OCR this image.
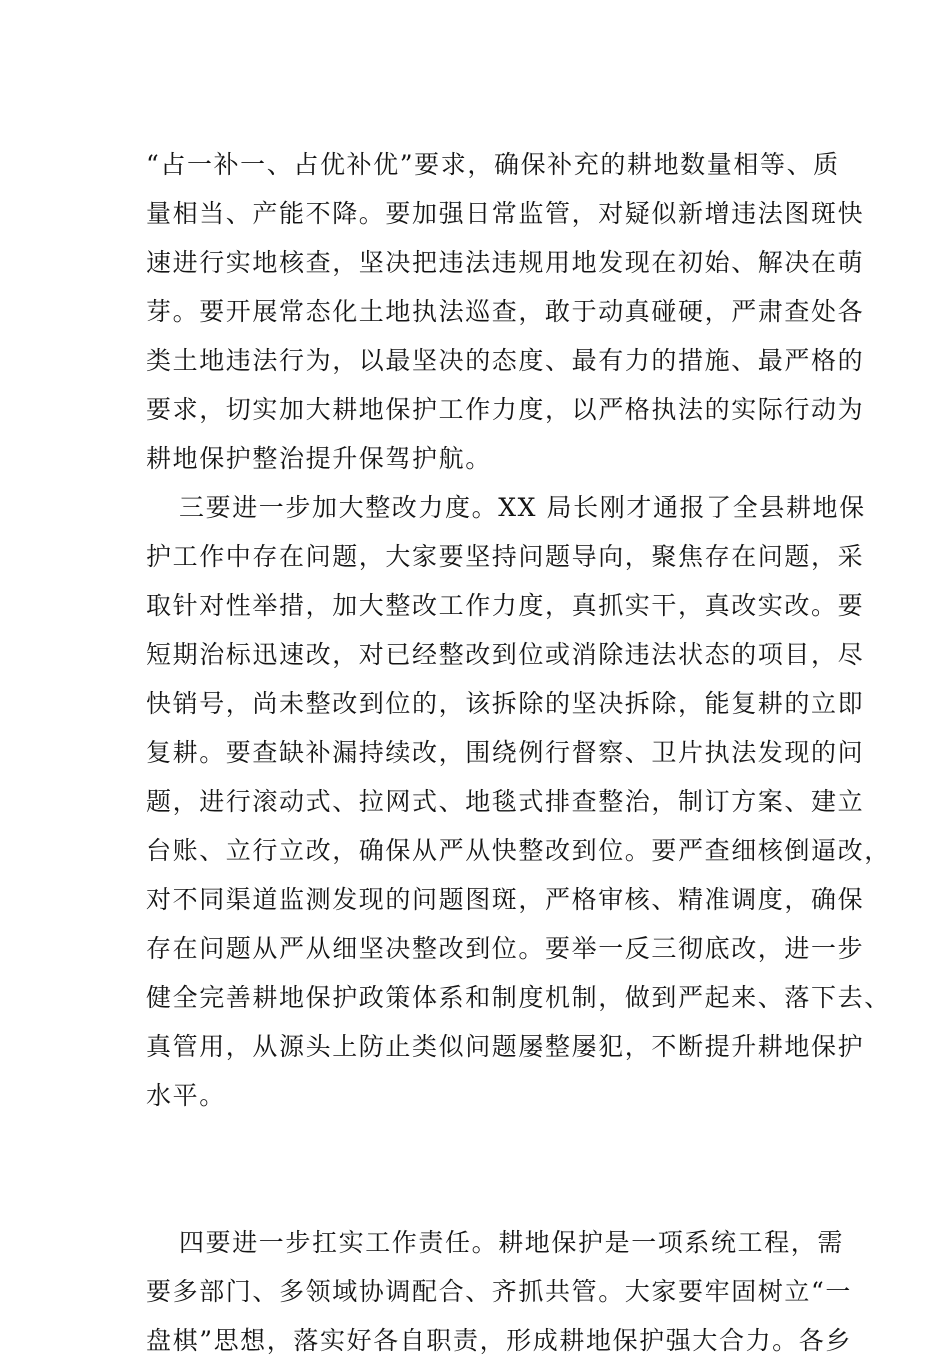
“占一补一、占优补优”要求，确保补充的耕地数量相等、质
量相当、产能不降。要加强日常监管，对疑似新增违法图斑快
速进行实地核查，坚决把违法违规用地发现在初始、解决在萌
芽。要开展常态化土地执法巡查，敢于动真碰硬，严肃查处各
类土地违法行为，以最坚决的态度、最有力的措施、最严格的
要求，切实加大耕地保护工作力度，以严格执法的实际行动为
耕地保护整治提升保驾护航。
三要进一步加大整改力度。XX 局长刚才通报了全县耕地保
护工作中存在问题，大家要坚持问题导向，聚焦存在问题，采
取针对性举措，加大整改工作力度，真抓实干，真改实改。要
短期治标迅速改，对已经整改到位或消除违法状态的项目，尽
快销号，尚未整改到位的，该拆除的坚决拆除，能复耕的立即
复耕。要查缺补漏持续改，围绕例行督察、卫片执法发现的问
题，进行滚动式、拉网式、地毯式排查整治，制订方案、建立
台账、立行立改，确保从严从快整改到位。要严查细核倒逼改，
对不同渠道监测发现的问题图斑，严格审核、精准调度，确保
存在问题从严从细坚决整改到位。要举一反三彻底改，进一步
健全完善耕地保护政策体系和制度机制，做到严起来、落下去、
真管用，从源头上防止类似问题屡整屡犯，不断提升耕地保护
水平。
四要进一步扛实工作责任。耕地保护是一项系统工程，需
要多部门、多领域协调配合、齐抓共管。大家要牢固树立“一
盘棋”思想，落实好各自职责，形成耕地保护强大合力。各乡
